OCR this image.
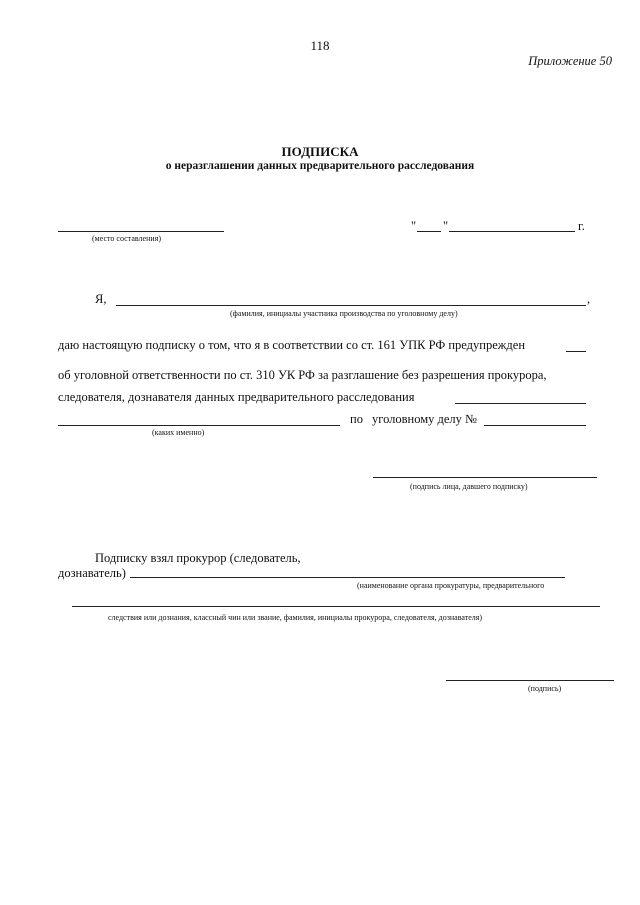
118
Приложение 50
ПОДПИСКА
о неразглашении данных предварительного расследования
(место составления)
" "	г.
Я,	,
(фамилия, инициалы участника производства по уголовному делу)
даю настоящую подписку о том, что я в соответствии со ст. 161 УПК РФ предупрежден
об уголовной ответственности по ст. 310 УК РФ за разглашение без разрешения прокурора,
следователя, дознавателя данных предварительного расследования
по уголовному делу №
(каких именно)
(подпись лица, давшего подписку)
Подписку взял прокурор (следователь,
дознаватель)
(наименование органа прокуратуры, предварительного
следствия или дознания, классный чин или звание, фамилия, инициалы прокурора, следователя, дознавателя)
(подпись)
